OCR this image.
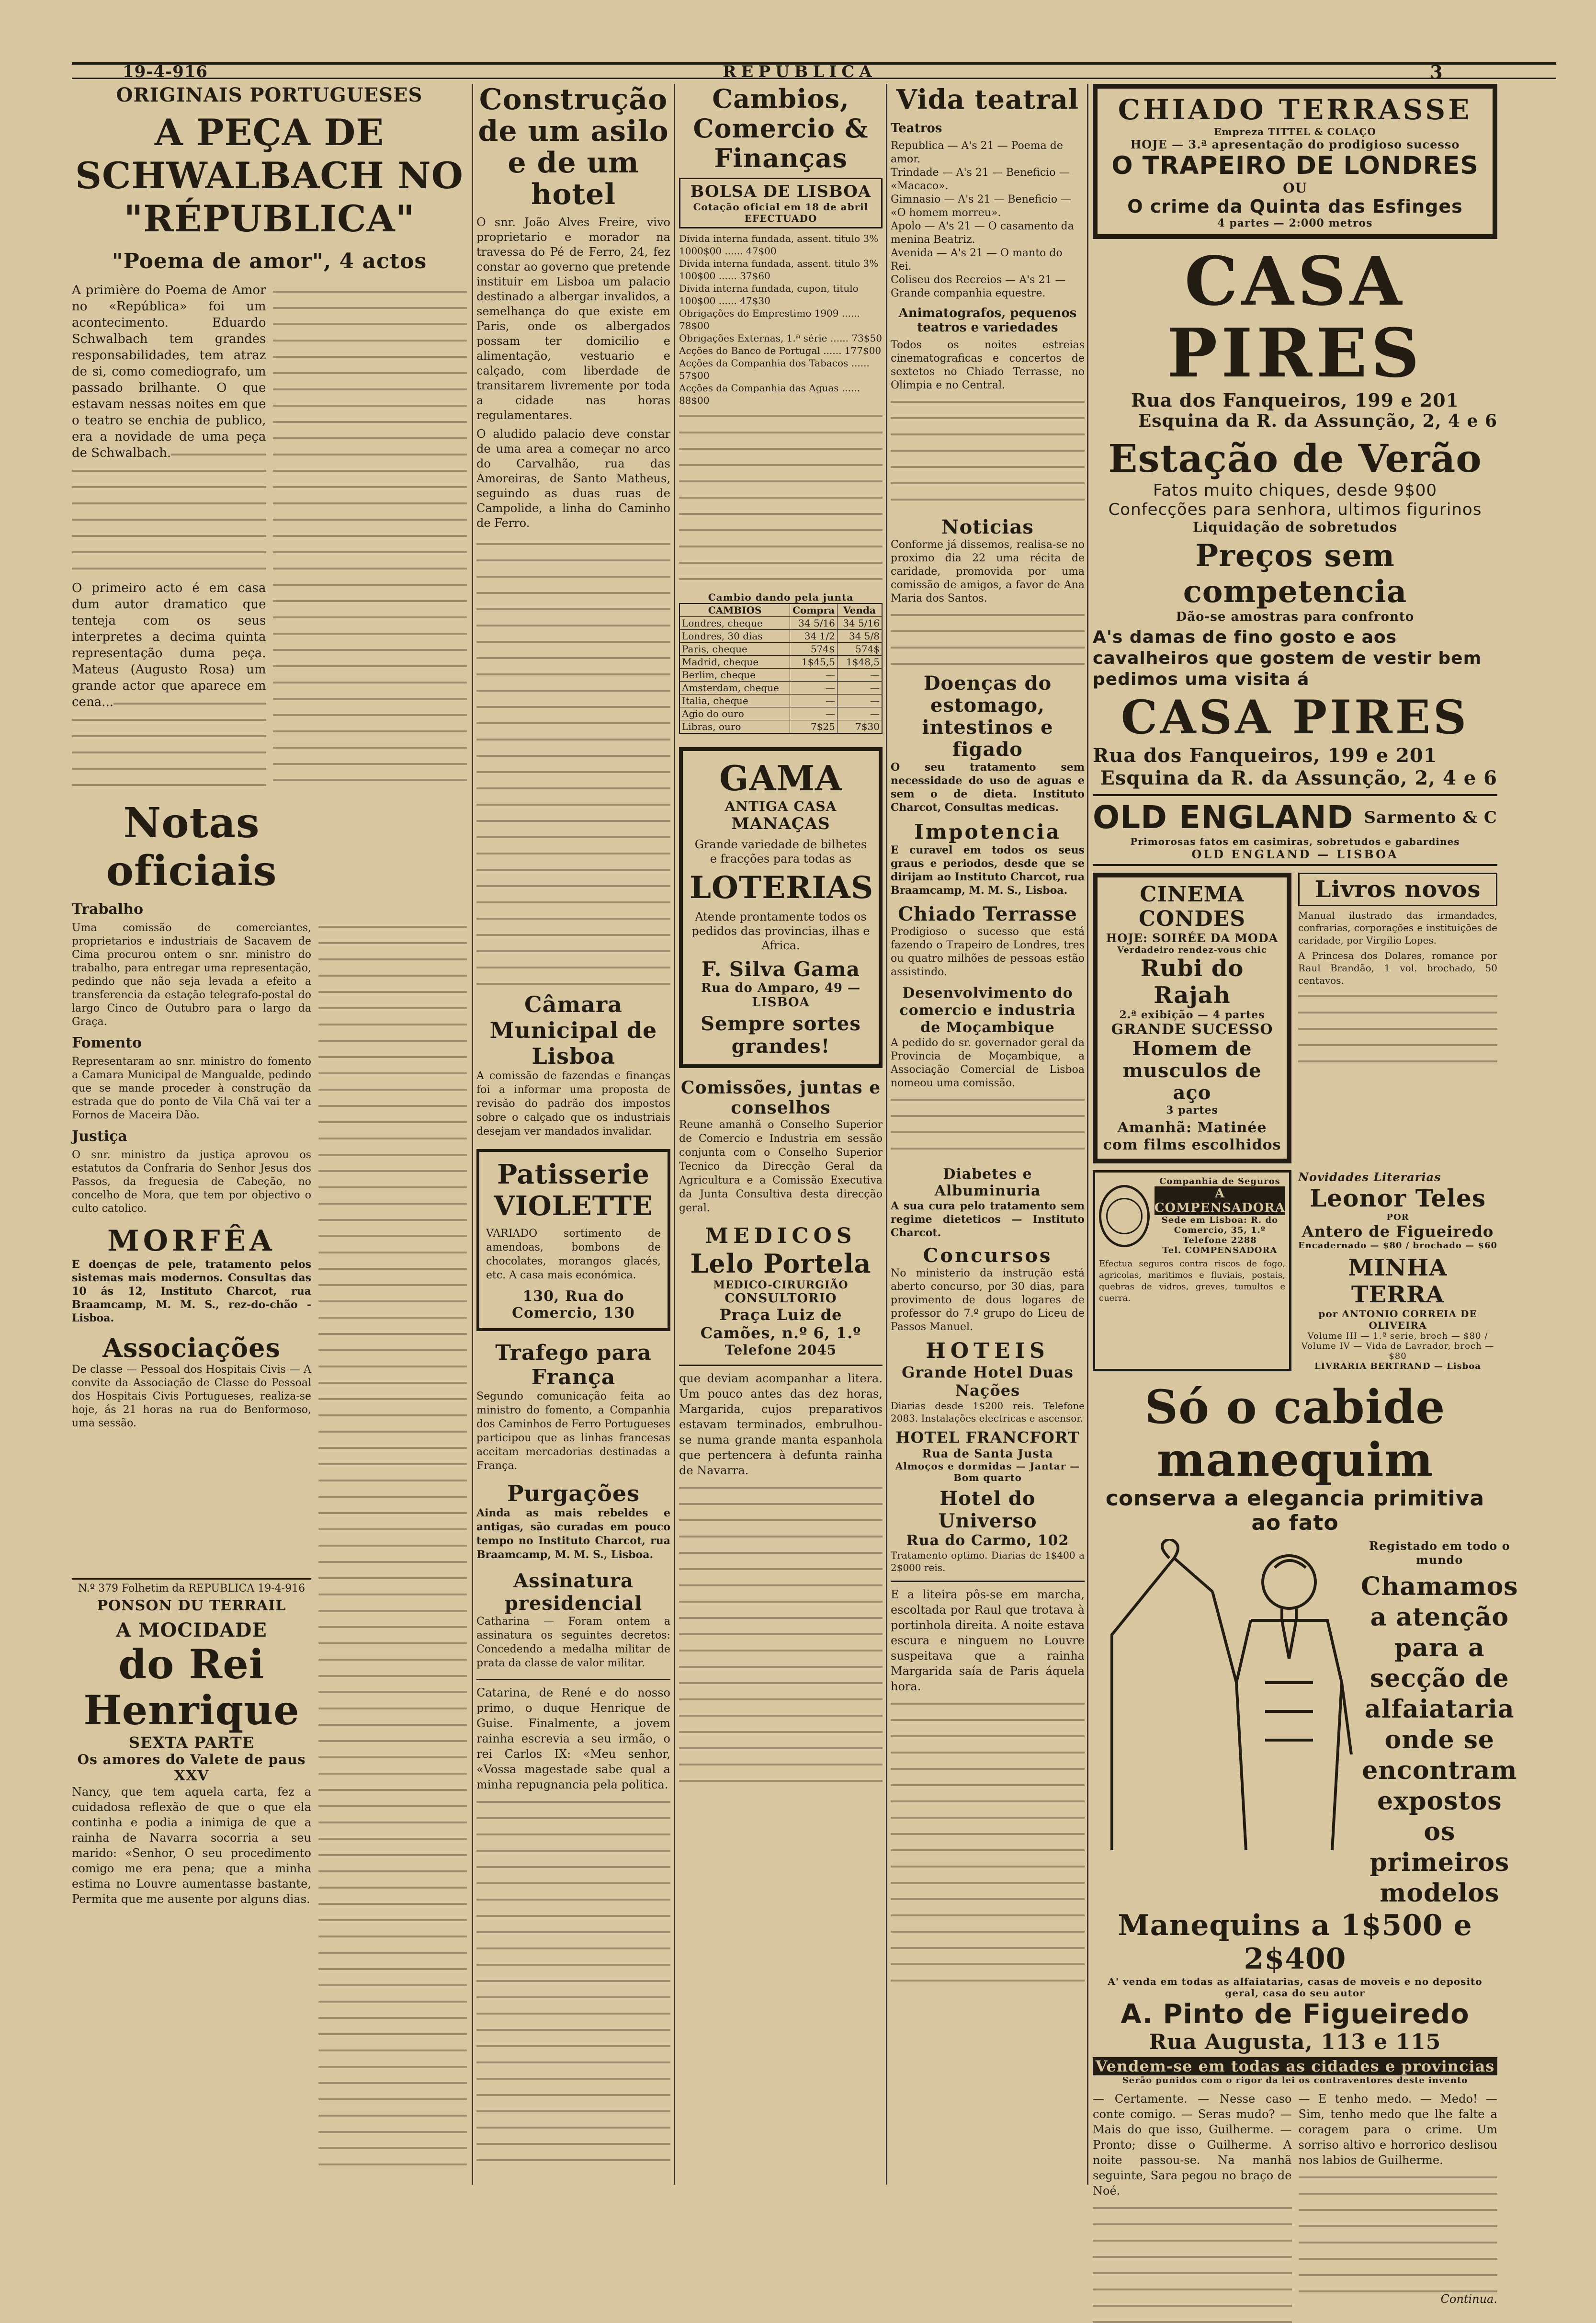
19-4-916	REPUBLICA	3
ORIGINAIS PORTUGUESES
A PEÇA DE SCHWALBACH NO "RÉPUBLICA"
"Poema de amor", 4 actos
A primière do Poema de Amor no «República» foi um acontecimento. Eduardo Schwalbach tem grandes responsabilidades, tem atraz de si, como comediografo, um passado brilhante. O que estavam nessas noites em que o teatro se enchia de publico, era a novidade de uma peça de Schwalbach.
O primeiro acto é em casa dum autor dramatico que tenteja com os seus interpretes a decima quinta representação duma peça. Mateus (Augusto Rosa) um grande actor que aparece em cena...
Notas oficiais
Trabalho
Uma comissão de comerciantes, proprietarios e industriais de Sacavem de Cima procurou ontem o snr. ministro do trabalho, para entregar uma representação, pedindo que não seja levada a efeito a transferencia da estação telegrafo-postal do largo Cinco de Outubro para o largo da Graça.
Fomento
Representaram ao snr. ministro do fomento a Camara Municipal de Mangualde, pedindo que se mande proceder à construção da estrada que do ponto de Vila Chã vai ter a Fornos de Maceira Dão.
Justiça
O snr. ministro da justiça aprovou os estatutos da Confraria do Senhor Jesus dos Passos, da freguesia de Cabeção, no concelho de Mora, que tem por objectivo o culto catolico.
MORFÊA
E doenças de pele, tratamento pelos sistemas mais modernos. Consultas das 10 ás 12, Instituto Charcot, rua Braamcamp, M. M. S., rez-do-chão - Lisboa.
Associações
De classe — Pessoal dos Hospitais Civis — A convite da Associação de Classe do Pessoal dos Hospitais Civis Portugueses, realiza-se hoje, ás 21 horas na rua do Benformoso, uma sessão.
N.º 379 Folhetim da REPUBLICA 19-4-916
PONSON DU TERRAIL
A MOCIDADE
do Rei Henrique
SEXTA PARTE
Os amores do Valete de paus
XXV
Nancy, que tem aquela carta, fez a cuidadosa reflexão de que o que ela continha e podia a inimiga de que a rainha de Navarra socorria a seu marido: «Senhor, O seu procedimento comigo me era pena; que a minha estima no Louvre aumentasse bastante, Permita que me ausente por alguns dias.
Construção de um asilo e de um hotel
O snr. João Alves Freire, vivo proprietario e morador na travessa do Pé de Ferro, 24, fez constar ao governo que pretende instituir em Lisboa um palacio destinado a albergar invalidos, a semelhança do que existe em Paris, onde os albergados possam ter domicilio e alimentação, vestuario e calçado, com liberdade de transitarem livremente por toda a cidade nas horas regulamentares.
O aludido palacio deve constar de uma area a começar no arco do Carvalhão, rua das Amoreiras, de Santo Matheus, seguindo as duas ruas de Campolide, a linha do Caminho de Ferro.
Câmara Municipal de Lisboa
A comissão de fazendas e finanças foi a informar uma proposta de revisão do padrão dos impostos sobre o calçado que os industriais desejam ver mandados invalidar.
Patisserie
VIOLETTE
VARIADO sortimento de amendoas, bombons de chocolates, morangos glacés, etc. A casa mais económica.
130, Rua do Comercio, 130
Trafego para França
Segundo comunicação feita ao ministro do fomento, a Companhia dos Caminhos de Ferro Portugueses participou que as linhas francesas aceitam mercadorias destinadas a França.
Purgações
Ainda as mais rebeldes e antigas, são curadas em pouco tempo no Instituto Charcot, rua Braamcamp, M. M. S., Lisboa.
Assinatura presidencial
Catharina — Foram ontem a assinatura os seguintes decretos: Concedendo a medalha militar de prata da classe de valor militar.
Catarina, de René e do nosso primo, o duque Henrique de Guise. Finalmente, a jovem rainha escrevia a seu irmão, o rei Carlos IX: «Meu senhor, «Vossa magestade sabe qual a minha repugnancia pela politica.
Cambios, Comercio & Finanças
BOLSA DE LISBOA
Cotação oficial em 18 de abril
EFECTUADO
Divida interna fundada, assent. titulo 3% 1000$00 ...... 47$00
Divida interna fundada, assent. titulo 3% 100$00 ...... 37$60
Divida interna fundada, cupon, titulo 100$00 ...... 47$30
Obrigações do Emprestimo 1909 ...... 78$00
Obrigações Externas, 1.ª série ...... 73$50
Acções do Banco de Portugal ...... 177$00
Acções da Companhia dos Tabacos ...... 57$00
Acções da Companhia das Aguas ...... 88$00
Cambio dando pela junta
CAMBIOS	Compra	Venda
Londres, cheque	34 5/16	34 5/16
Londres, 30 dias	34 1/2	34 5/8
Paris, cheque	574$	574$
Madrid, cheque	1$45,5	1$48,5
Berlim, cheque	—	—
Amsterdam, cheque	—	—
Italia, cheque	—	—
Agio do ouro	—	—
Libras, ouro	7$25	7$30
GAMA
ANTIGA CASA
MANAÇAS
Grande variedade de bilhetes e fracções para todas as
LOTERIAS
Atende prontamente todos os pedidos das provincias, ilhas e Africa.
F. Silva Gama
Rua do Amparo, 49 — LISBOA
Sempre sortes grandes!
Comissões, juntas e conselhos
Reune amanhã o Conselho Superior de Comercio e Industria em sessão conjunta com o Conselho Superior Tecnico da Direcção Geral da Agricultura e a Comissão Executiva da Junta Consultiva desta direcção geral.
MEDICOS
Lelo Portela
MEDICO-CIRURGIÃO
CONSULTORIO
Praça Luiz de Camões, n.º 6, 1.º
Telefone 2045
que deviam acompanhar a litera. Um pouco antes das dez horas, Margarida, cujos preparativos estavam terminados, embrulhou-se numa grande manta espanhola que pertencera à defunta rainha de Navarra.
Vida teatral
Teatros
Republica — A's 21 — Poema de amor.
Trindade — A's 21 — Beneficio — «Macaco».
Gimnasio — A's 21 — Beneficio — «O homem morreu».
Apolo — A's 21 — O casamento da menina Beatriz.
Avenida — A's 21 — O manto do Rei.
Coliseu dos Recreios — A's 21 — Grande companhia equestre.
Animatografos, pequenos teatros e variedades
Todos os noites estreias cinematograficas e concertos de sextetos no Chiado Terrasse, no Olimpia e no Central.
Noticias
Conforme já dissemos, realisa-se no proximo dia 22 uma récita de caridade, promovida por uma comissão de amigos, a favor de Ana Maria dos Santos.
Doenças do estomago, intestinos e figado
O seu tratamento sem necessidade do uso de aguas e sem o de dieta. Instituto Charcot, Consultas medicas.
Impotencia
E curavel em todos os seus graus e periodos, desde que se dirijam ao Instituto Charcot, rua Braamcamp, M. M. S., Lisboa.
Chiado Terrasse
Prodigioso o sucesso que está fazendo o Trapeiro de Londres, tres ou quatro milhões de pessoas estão assistindo.
Desenvolvimento do comercio e industria de Moçambique
A pedido do sr. governador geral da Provincia de Moçambique, a Associação Comercial de Lisboa nomeou uma comissão.
Diabetes e Albuminuria
A sua cura pelo tratamento sem regime dieteticos — Instituto Charcot.
Concursos
No ministerio da instrução está aberto concurso, por 30 dias, para provimento de dous logares de professor do 7.º grupo do Liceu de Passos Manuel.
HOTEIS
Grande Hotel Duas Nações
Diarias desde 1$200 reis. Telefone 2083. Instalações electricas e ascensor.
HOTEL FRANCFORT
Rua de Santa Justa
Almoços e dormidas — Jantar — Bom quarto
Hotel do Universo
Rua do Carmo, 102
Tratamento optimo. Diarias de 1$400 a 2$000 reis.
E a liteira pôs-se em marcha, escoltada por Raul que trotava à portinhola direita. A noite estava escura e ninguem no Louvre suspeitava que a rainha Margarida saía de Paris áquela hora.
CHIADO TERRASSE
Empreza TITTEL & COLAÇO
HOJE — 3.ª apresentação do prodigioso sucesso
O TRAPEIRO DE LONDRES
OU
O crime da Quinta das Esfinges
4 partes — 2:000 metros
CASA PIRES
Rua dos Fanqueiros, 199 e 201
Esquina da R. da Assunção, 2, 4 e 6
Estação de Verão
Fatos muito chiques, desde 9$00
Confecções para senhora, ultimos figurinos
Liquidação de sobretudos
Preços sem competencia
Dão-se amostras para confronto
A's damas de fino gosto e aos cavalheiros que gostem de vestir bem pedimos uma visita á
CASA PIRES
Rua dos Fanqueiros, 199 e 201
Esquina da R. da Assunção, 2, 4 e 6
OLD ENGLAND Sarmento & C
Primorosas fatos em casimiras, sobretudos e gabardines
OLD ENGLAND — LISBOA
CINEMA CONDES
HOJE: SOIRÉE DA MODA
Verdadeiro rendez-vous chic
Rubi do Rajah
2.ª exibição — 4 partes
GRANDE SUCESSO
Homem de musculos de aço
3 partes
Amanhã: Matinée com films escolhidos
Livros novos
Manual ilustrado das irmandades, confrarias, corporações e instituições de caridade, por Virgilio Lopes.
A Princesa dos Dolares, romance por Raul Brandão, 1 vol. brochado, 50 centavos.
Companhia de Seguros
A COMPENSADORA
Sede em Lisboa: R. do Comercio, 35, 1.º
Telefone 2288
Tel. COMPENSADORA
Efectua seguros contra riscos de fogo, agricolas, maritimos e fluviais, postais, quebras de vidros, greves, tumultos e cuerra.
Novidades Literarias
Leonor Teles
POR
Antero de Figueiredo
Encadernado — $80 / brochado — $60
MINHA TERRA
por ANTONIO CORREIA DE OLIVEIRA
Volume III — 1.ª serie, broch — $80 / Volume IV — Vida de Lavrador, broch — $80
LIVRARIA BERTRAND — Lisboa
Só o cabide manequim
conserva a elegancia primitiva ao fato
Registado em todo o mundo
Chamamos a atenção para a secção de alfaiataria onde se encontram expostos os primeiros modelos
Manequins a 1$500 e 2$400
A' venda em todas as alfaiatarias, casas de moveis e no deposito geral, casa do seu autor
A. Pinto de Figueiredo
Rua Augusta, 113 e 115
Vendem-se em todas as cidades e provincias
Serão punidos com o rigor da lei os contraventores deste invento
— Certamente. — Nesse caso conte comigo. — Seras mudo? — Mais do que isso, Guilherme. — Pronto; disse o Guilherme. A noite passou-se. Na manhã seguinte, Sara pegou no braço de Noé.
— E tenho medo. — Medo! — Sim, tenho medo que lhe falte a coragem para o crime. Um sorriso altivo e horrorico deslisou nos labios de Guilherme.
Continua.
